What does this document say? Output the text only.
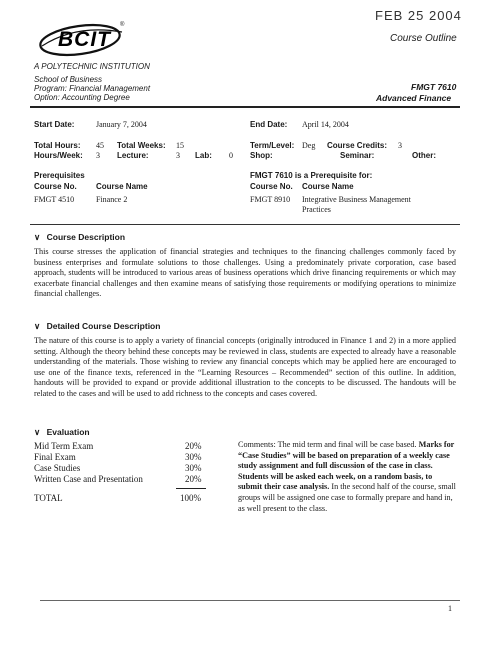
FEB 25 2004
BCIT
®
A POLYTECHNIC INSTITUTION
Course Outline
School of Business
Program: Financial Management
Option: Accounting Degree
FMGT 7610
Advanced Finance
Start Date:	January 7, 2004	End Date: April 14, 2004
Total Hours: 45 Total Weeks: 15	Term/Level: Deg Course Credits: 3
Hours/Week: 3 Lecture:	3 Lab: 0 Shop:	Seminar:	Other:
Prerequisites
Course No. Course Name
FMGT 4510	Finance 2
FMGT 7610 is a Prerequisite for:
Course No. Course Name
FMGT 8910 Integrative Business Management
Practices
∨ Course Description
This course stresses the application of financial strategies and techniques to the financing challenges commonly faced by business enterprises and formulate solutions to those challenges. Using a predominately private corporation, case based approach, students will be introduced to various areas of business operations which drive financing requirements or which may exacerbate financial challenges and then examine means of satisfying those requirements or modifying operations to minimize financial challenges.
∨ Detailed Course Description
The nature of this course is to apply a variety of financial concepts (originally introduced in Finance 1 and 2) in a more applied setting. Although the theory behind these concepts may be reviewed in class, students are expected to already have a reasonable understanding of the materials. Those wishing to review any financial concepts which may be applied here are encouraged to use one of the finance texts, referenced in the “Learning Resources – Recommended” section of this outline. In addition, handouts will be provided to expand or provide additional illustration to the concepts to be discussed. The handouts will be related to the cases and will be used to add richness to the concepts and cases covered.
∨ Evaluation
Mid Term Exam	20%
Final Exam	30%
Case Studies	30%
Written Case and Presentation	20%
TOTAL	100%
Comments: The mid term and final will be case based. Marks for “Case Studies” will be based on preparation of a weekly case study assignment and full discussion of the case in class. Students will be asked each week, on a random basis, to submit their case analysis. In the second half of the course, small groups will be assigned one case to formally prepare and hand in, as well present to the class.
1
